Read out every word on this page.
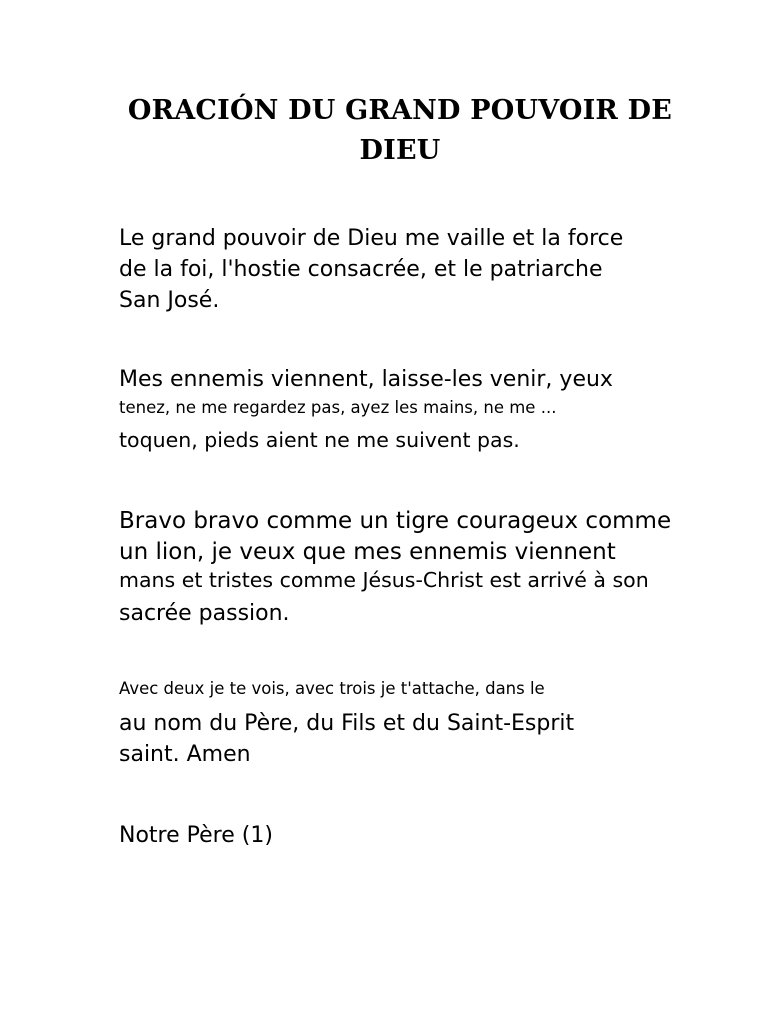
ORACIÓN DU GRAND POUVOIR DE
DIEU

Le grand pouvoir de Dieu me vaille et la force

de la foi, l'hostie consacrée, et le patriarche

San José.

Mes ennemis viennent, laisse-les venir, yeux

tenez, ne me regardez pas, ayez les mains, ne me ...

toquen, pieds aient ne me suivent pas.

Bravo bravo comme un tigre courageux comme

un lion, je veux que mes ennemis viennent

mans et tristes comme Jésus-Christ est arrivé à son

sacrée passion.

Avec deux je te vois, avec trois je t'attache, dans le

au nom du Père, du Fils et du Saint-Esprit

saint. Amen

Notre Père (1)
